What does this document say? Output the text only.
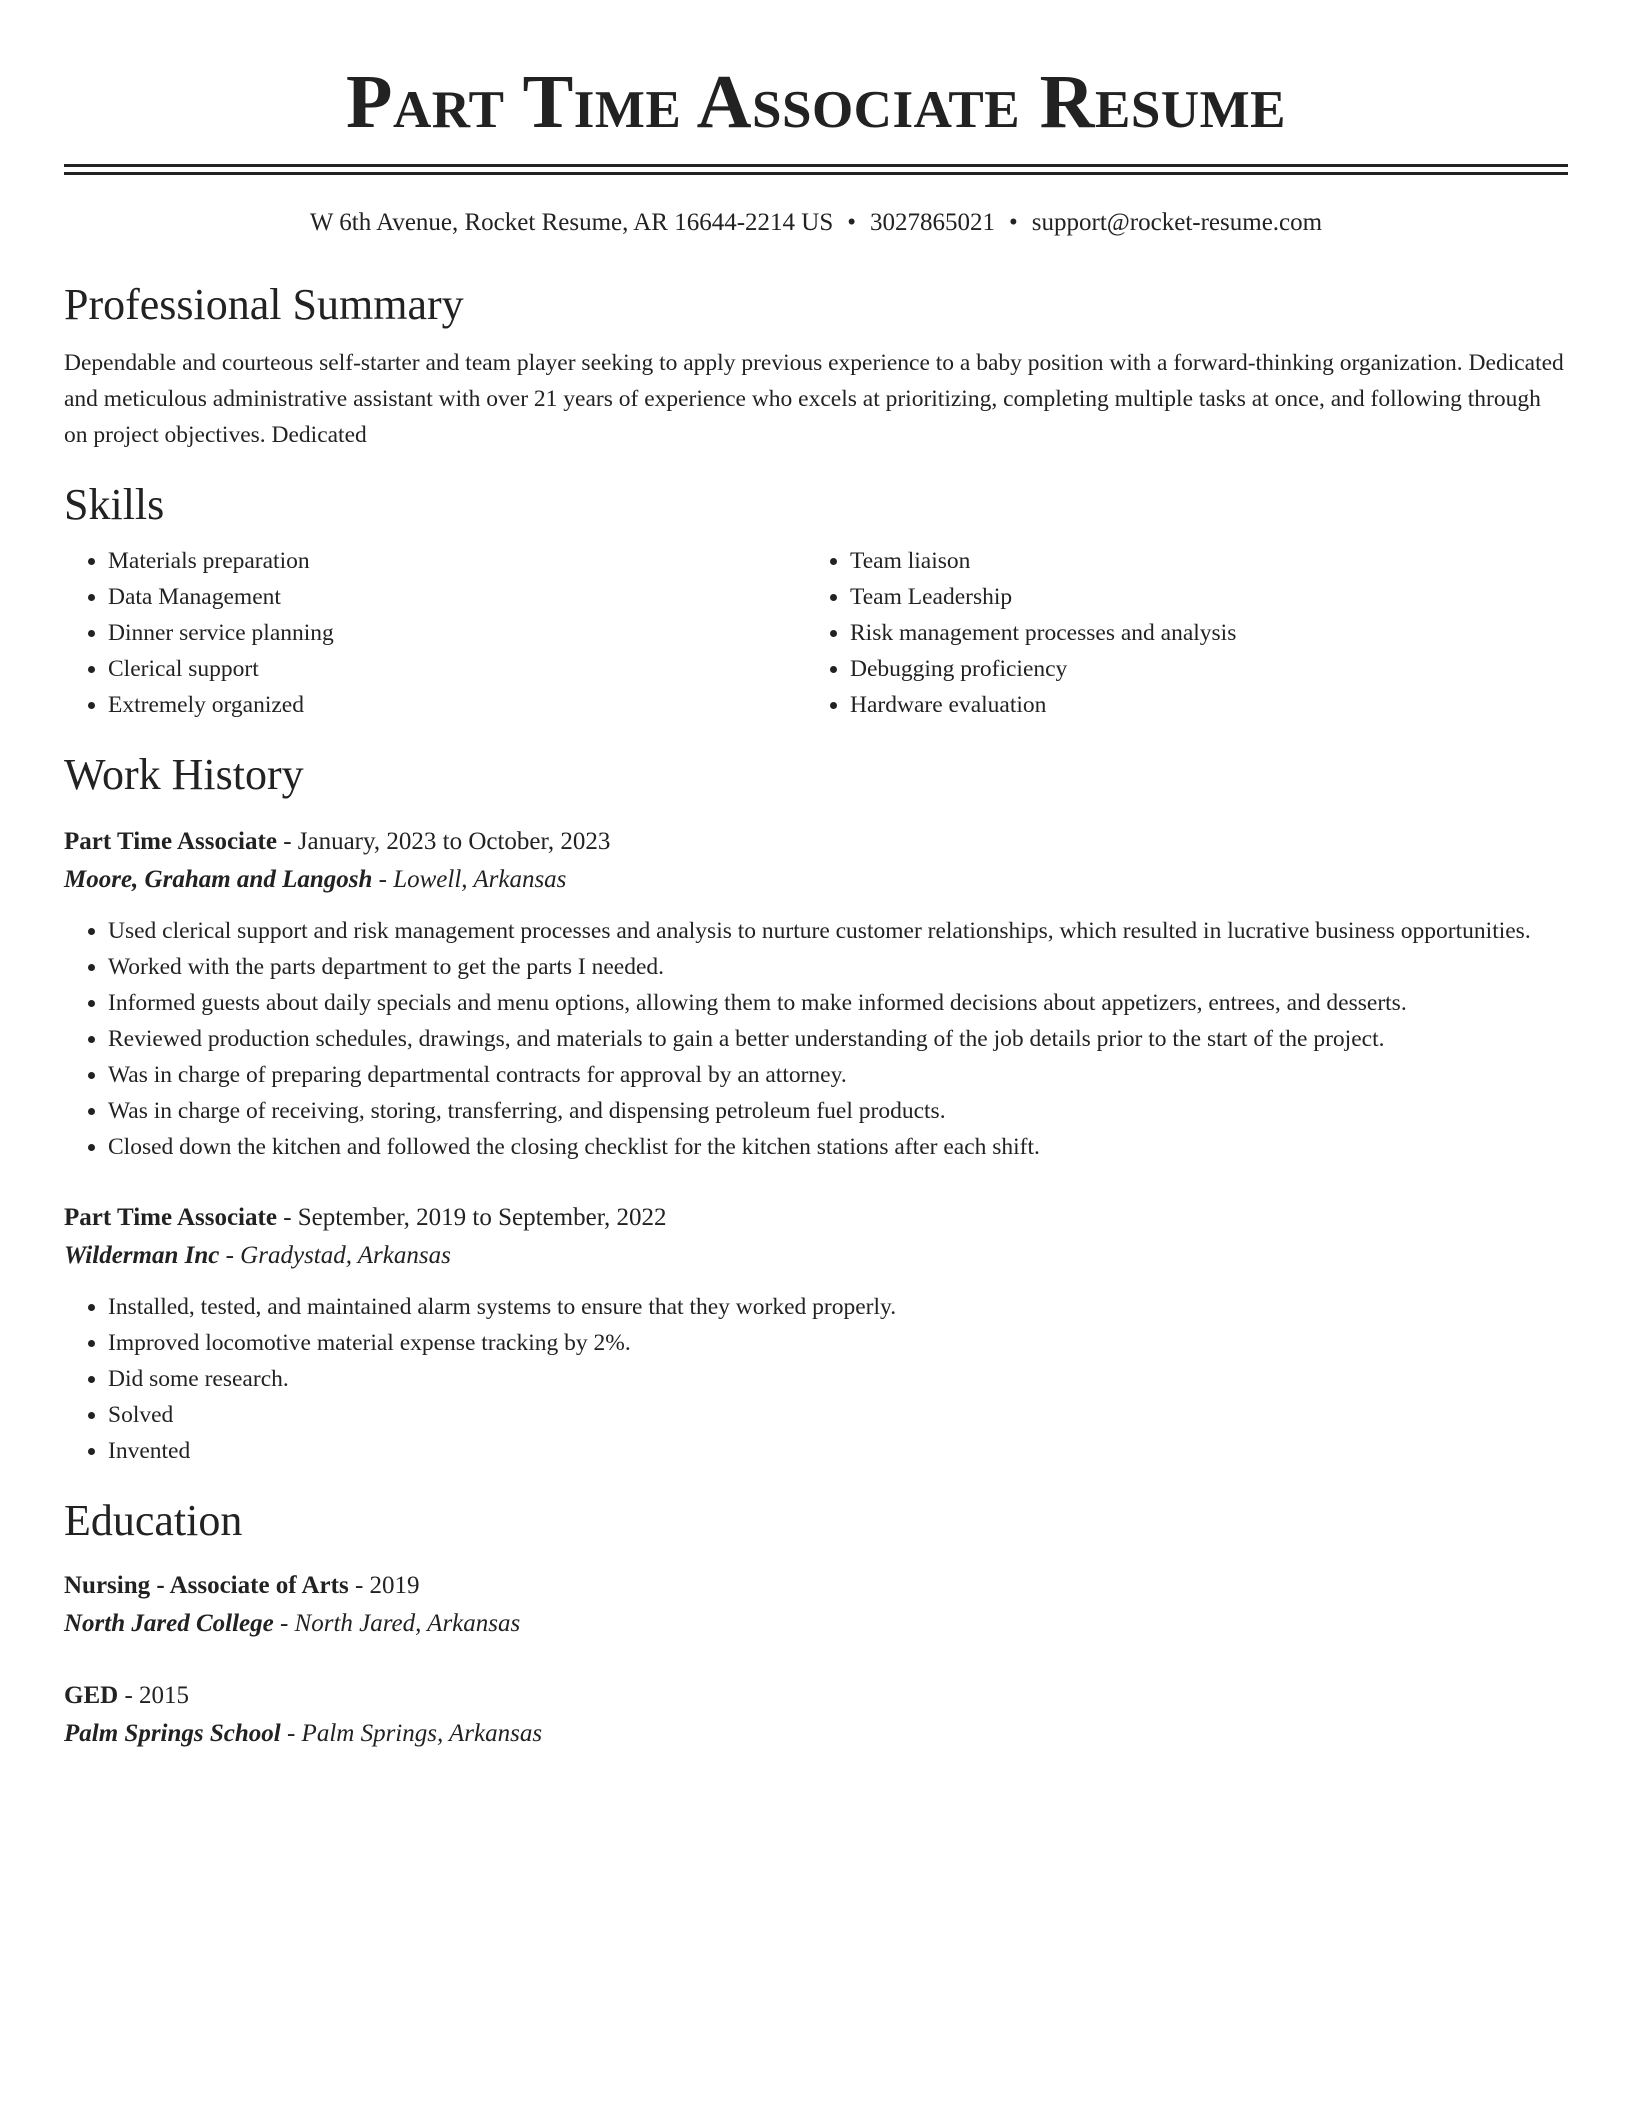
Part Time Associate Resume
W 6th Avenue, Rocket Resume, AR 16644-2214 US • 3027865021 • support@rocket-resume.com
Professional Summary

Dependable and courteous self-starter and team player seeking to apply previous experience to a baby position with a forward-thinking organization. Dedicated and meticulous administrative assistant with over 21 years of experience who excels at prioritizing, completing multiple tasks at once, and following through on project objectives. Dedicated

Skills
• Materials preparation
• Data Management
• Dinner service planning
• Clerical support
• Extremely organized
• Team liaison
• Team Leadership
• Risk management processes and analysis
• Debugging proficiency
• Hardware evaluation
Work History
Part Time Associate - January, 2023 to October, 2023
Moore, Graham and Langosh - Lowell, Arkansas
• Used clerical support and risk management processes and analysis to nurture customer relationships, which resulted in lucrative business opportunities.
• Worked with the parts department to get the parts I needed.
• Informed guests about daily specials and menu options, allowing them to make informed decisions about appetizers, entrees, and desserts.
• Reviewed production schedules, drawings, and materials to gain a better understanding of the job details prior to the start of the project.
• Was in charge of preparing departmental contracts for approval by an attorney.
• Was in charge of receiving, storing, transferring, and dispensing petroleum fuel products.
• Closed down the kitchen and followed the closing checklist for the kitchen stations after each shift.
Part Time Associate - September, 2019 to September, 2022
Wilderman Inc - Gradystad, Arkansas
• Installed, tested, and maintained alarm systems to ensure that they worked properly.
• Improved locomotive material expense tracking by 2%.
• Did some research.
• Solved
• Invented
Education
Nursing - Associate of Arts - 2019
North Jared College - North Jared, Arkansas
GED - 2015
Palm Springs School - Palm Springs, Arkansas
